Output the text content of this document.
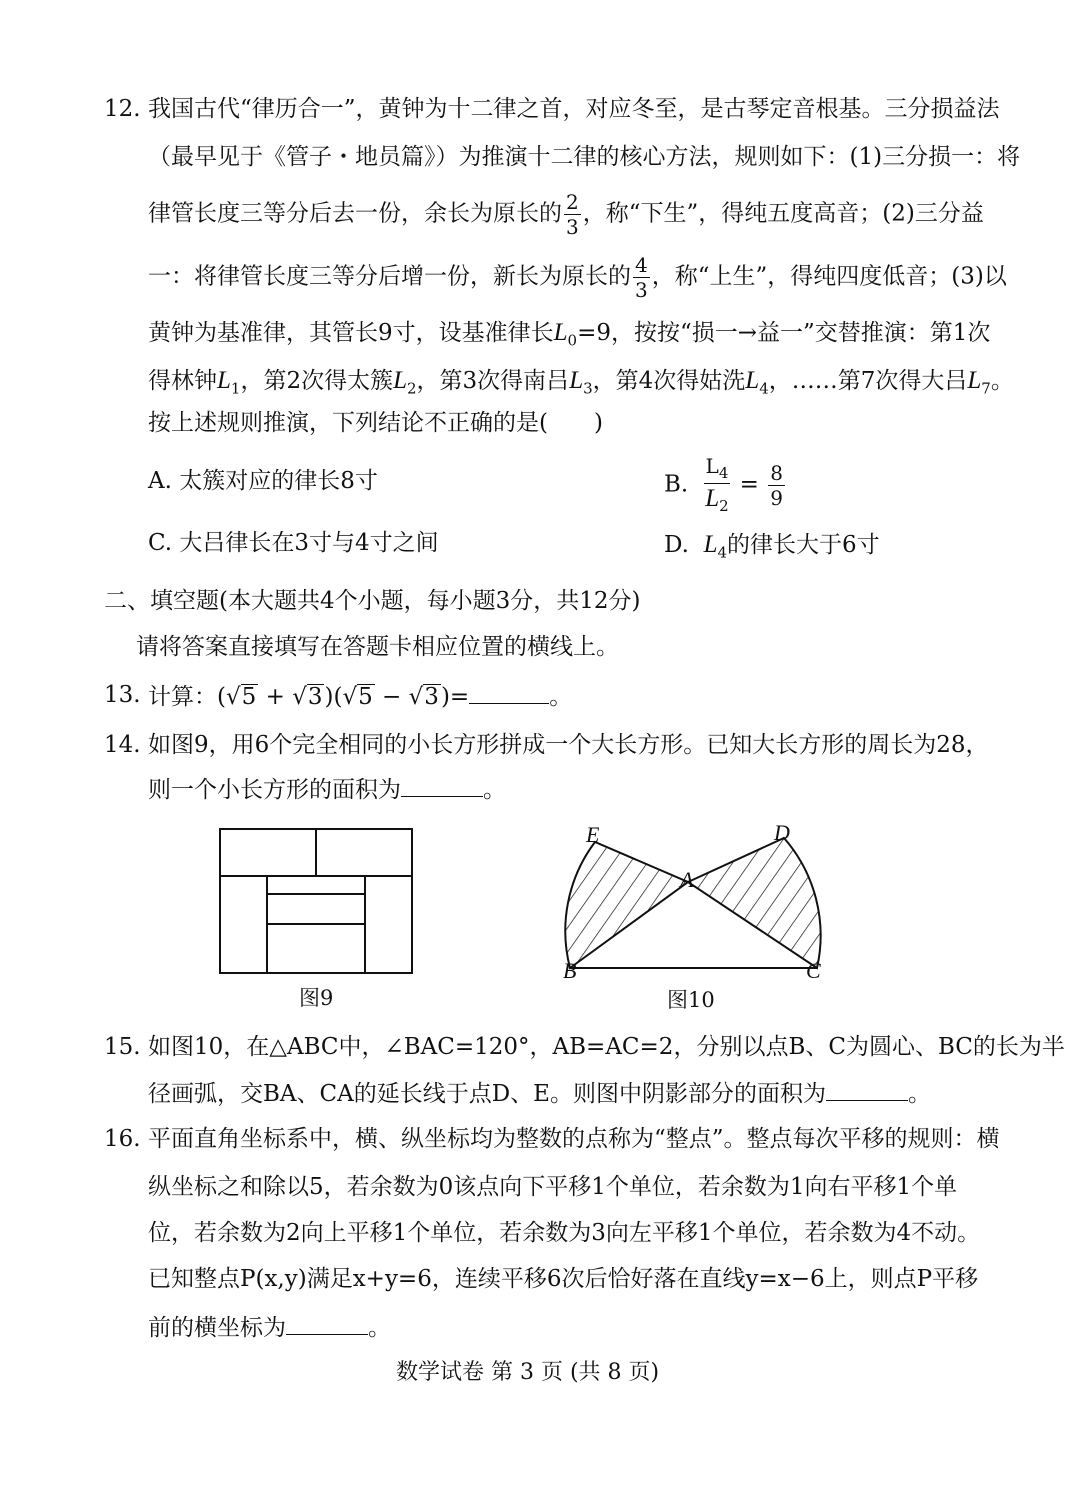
12. 我国古代“律历合一”，黄钟为十二律之首，对应冬至，是古琴定音根基。三分损益法
（最早见于《管子・地员篇》）为推演十二律的核心方法，规则如下：(1)三分损一：将
律管长度三等分后去一份，余长为原长的 $\frac{2}{3}$ ，称“下生”，得纯五度高音；(2)三分益
一：将律管长度三等分后增一份，新长为原长的 $\frac{4}{3}$ ，称“上生”，得纯四度低音；(3)以
黄钟为基准律，其管长9寸，设基准律长$L_0=9$，按按“损一→益一”交替推演：第1次
得林钟$L_1$，第2次得太簇$L_2$，第3次得南吕$L_3$，第4次得姑洗$L_4$，……第7次得大吕$L_7$。
按上述规则推演，下列结论不正确的是(　　)
A. 太簇对应的律长8寸	B. $\frac{L_4}{L_2} = \frac{8}{9}$
C. 大吕律长在3寸与4寸之间	D. $L_4$的律长大于6寸
二、填空题(本大题共4个小题，每小题3分，共12分)
请将答案直接填写在答题卡相应位置的横线上。
13. 计算：(√5 + √3)(√5 − √3)=	。
14. 如图9，用6个完全相同的小长方形拼成一个大长方形。已知大长方形的周长为28，
则一个小长方形的面积为	。
图9
E	D
A
B	C
图10
15. 如图10，在△ABC中，∠BAC=120°，AB=AC=2，分别以点B、C为圆心、BC的长为半
径画弧，交BA、CA的延长线于点D、E。则图中阴影部分的面积为	。
16. 平面直角坐标系中，横、纵坐标均为整数的点称为“整点”。整点每次平移的规则：横
纵坐标之和除以5，若余数为0该点向下平移1个单位，若余数为1向右平移1个单
位，若余数为2向上平移1个单位，若余数为3向左平移1个单位，若余数为4不动。
已知整点P(x,y)满足x+y=6，连续平移6次后恰好落在直线y=x−6上，则点P平移
前的横坐标为	。
数学试卷 第 3 页 (共 8 页)
